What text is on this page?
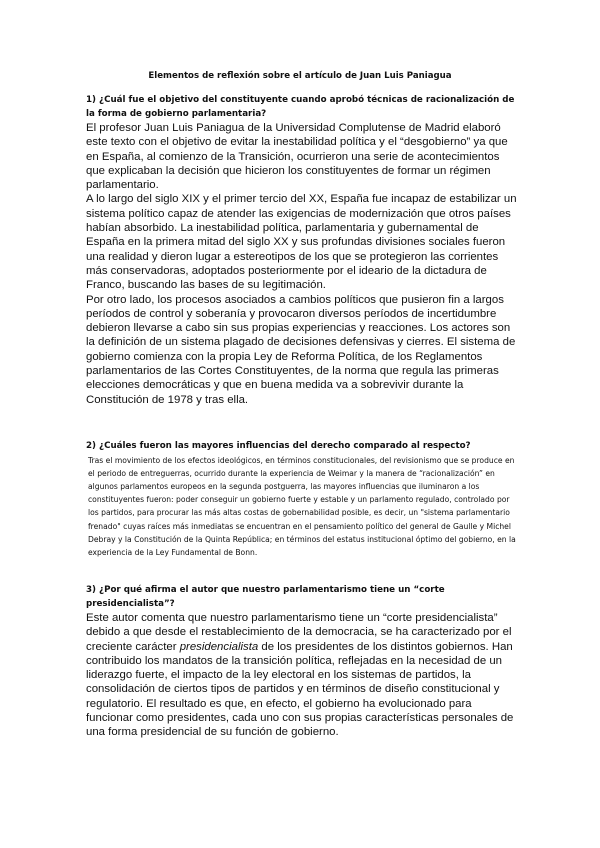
Elementos de reflexión sobre el artículo de Juan Luis Paniagua

1) ¿Cuál fue el objetivo del constituyente cuando aprobó técnicas de racionalización de la forma de gobierno parlamentaria?

El profesor Juan Luis Paniagua de la Universidad Complutense de Madrid elaboró este texto con el objetivo de evitar la inestabilidad política y el “desgobierno” ya que en España, al comienzo de la Transición, ocurrieron una serie de acontecimientos que explicaban la decisión que hicieron los constituyentes de formar un régimen parlamentario.

A lo largo del siglo XIX y el primer tercio del XX, España fue incapaz de estabilizar un sistema político capaz de atender las exigencias de modernización que otros países habían absorbido. La inestabilidad política, parlamentaria y gubernamental de España en la primera mitad del siglo XX y sus profundas divisiones sociales fueron una realidad y dieron lugar a estereotipos de los que se protegieron las corrientes más conservadoras, adoptados posteriormente por el ideario de la dictadura de Franco, buscando las bases de su legitimación.

Por otro lado, los procesos asociados a cambios políticos que pusieron fin a largos períodos de control y soberanía y provocaron diversos períodos de incertidumbre debieron llevarse a cabo sin sus propias experiencias y reacciones. Los actores son la definición de un sistema plagado de decisiones defensivas y cierres. El sistema de gobierno comienza con la propia Ley de Reforma Política, de los Reglamentos parlamentarios de las Cortes Constituyentes, de la norma que regula las primeras elecciones democráticas y que en buena medida va a sobrevivir durante la Constitución de 1978 y tras ella.

2) ¿Cuáles fueron las mayores influencias del derecho comparado al respecto?

Tras el movimiento de los efectos ideológicos, en términos constitucionales, del revisionismo que se produce en el periodo de entreguerras, ocurrido durante la experiencia de Weimar y la manera de “racionalización” en algunos parlamentos europeos en la segunda postguerra, las mayores influencias que iluminaron a los constituyentes fueron: poder conseguir un gobierno fuerte y estable y un parlamento regulado, controlado por los partidos, para procurar las más altas costas de gobernabilidad posible, es decir, un "sistema parlamentario frenado" cuyas raíces más inmediatas se encuentran en el pensamiento político del general de Gaulle y Michel Debray y la Constitución de la Quinta República; en términos del estatus institucional óptimo del gobierno, en la experiencia de la Ley Fundamental de Bonn.

3) ¿Por qué afirma el autor que nuestro parlamentarismo tiene un “corte presidencialista”?

Este autor comenta que nuestro parlamentarismo tiene un “corte presidencialista” debido a que desde el restablecimiento de la democracia, se ha caracterizado por el creciente carácter presidencialista de los presidentes de los distintos gobiernos. Han contribuido los mandatos de la transición política, reflejadas en la necesidad de un liderazgo fuerte, el impacto de la ley electoral en los sistemas de partidos, la consolidación de ciertos tipos de partidos y en términos de diseño constitucional y regulatorio. El resultado es que, en efecto, el gobierno ha evolucionado para funcionar como presidentes, cada uno con sus propias características personales de una forma presidencial de su función de gobierno.
